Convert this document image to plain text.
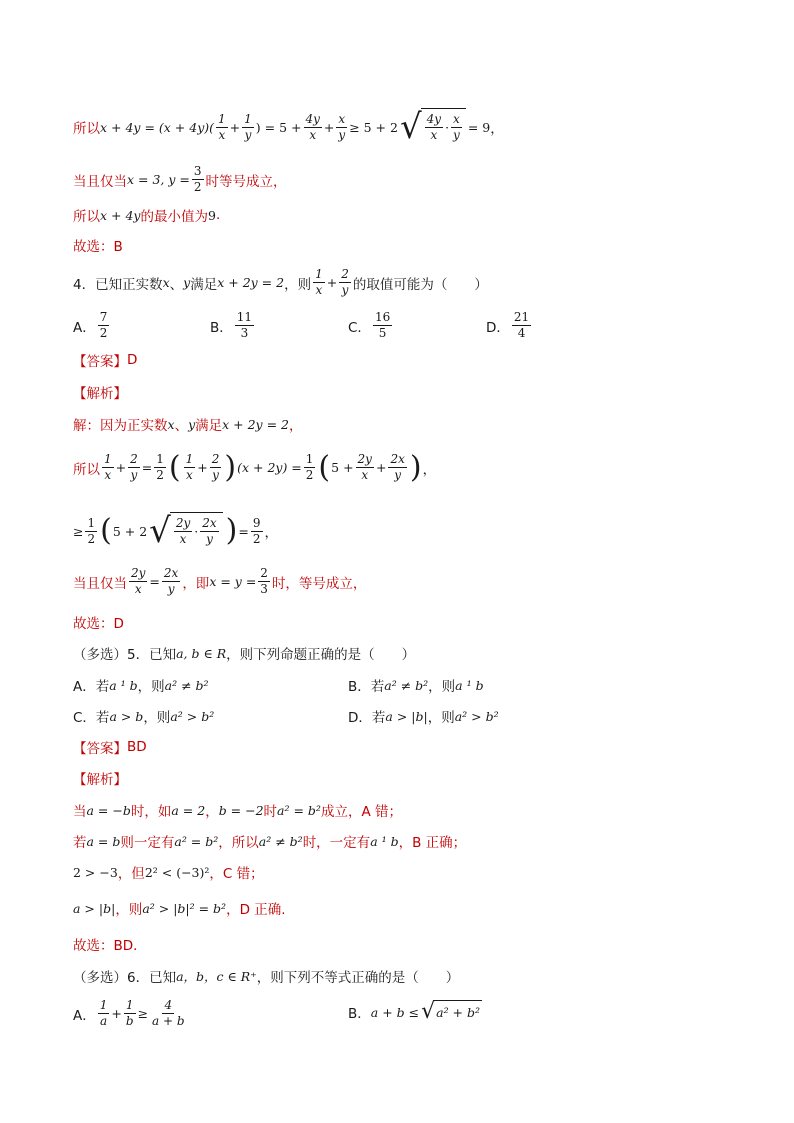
所以 $x + 4y = (x + 4y)( \frac{1}{x} + \frac{1}{y}$ ) = $5 + \frac{4y}{x} + \frac{x}{y} \ge 5 + 2$ √ $\frac{4y}{x} \cdot \frac{x}{y} = 9$ ，
当且仅当 x = 3, $y = \frac{3}{2}$ 时等号成立，
所以 x + 4y 的最小值为 9 .
故选：B
4．已知正实数 x 、 y 满足 x + 2y = 2 ，则 $\frac{1}{x} + \frac{2}{y}$ 的取值可能为（　　）
A． $\frac{7}{2}$	B． $\frac{11}{3}$	C． $\frac{16}{5}$	D． $\frac{21}{4}$
【答案】 D
【解析】
解：因为正实数 x 、 y 满足 x + 2y = 2 ，
所以 $\frac{1}{x} + \frac{2}{y} = \frac{1}{2}$ ( $\frac{1}{x} + \frac{2}{y}$ ) $(x + 2y) = \frac{1}{2}$ ( $5 + \frac{2y}{x} + \frac{2x}{y}$ ) ，
≥ $\frac{1}{2}$ ( 5 + 2 √ $\frac{2y}{x} \cdot \frac{2x}{y}$ ) = $\frac{9}{2}$ ，
当且仅当 $\frac{2y}{x} = \frac{2x}{y}$ ，即 $x = y = \frac{2}{3}$ 时，等号成立，
故选：D
（多选） 5．已知 a, b ∈ R ，则下列命题正确的是（　　）
A．若 a ¹ b ，则 a² ≠ b²	B．若 a² ≠ b² ，则 a ¹ b
C．若 a > b ，则 a² > b²	D．若 a > |b| ，则 a² > b²
【答案】 BD
【解析】
当 a = −b 时，如 a = 2 ， b = −2 时 a² = b² 成立，A 错；
若 a = b 则一定有 a² = b² ，所以 a² ≠ b² 时，一定有 a ¹ b ，B 正确；
2 > −3 ，但 2² < (−3)² ，C 错；
a > |b| ，则 a² > |b|² = b² ，D 正确.
故选：BD．
（多选） 6．已知 a，b，c ∈ R⁺ ，则下列不等式正确的是（　　）
A． $\frac{1}{a} + \frac{1}{b} \ge \frac{4}{a + b}$	B． a + b ≤ √ a² + b²
